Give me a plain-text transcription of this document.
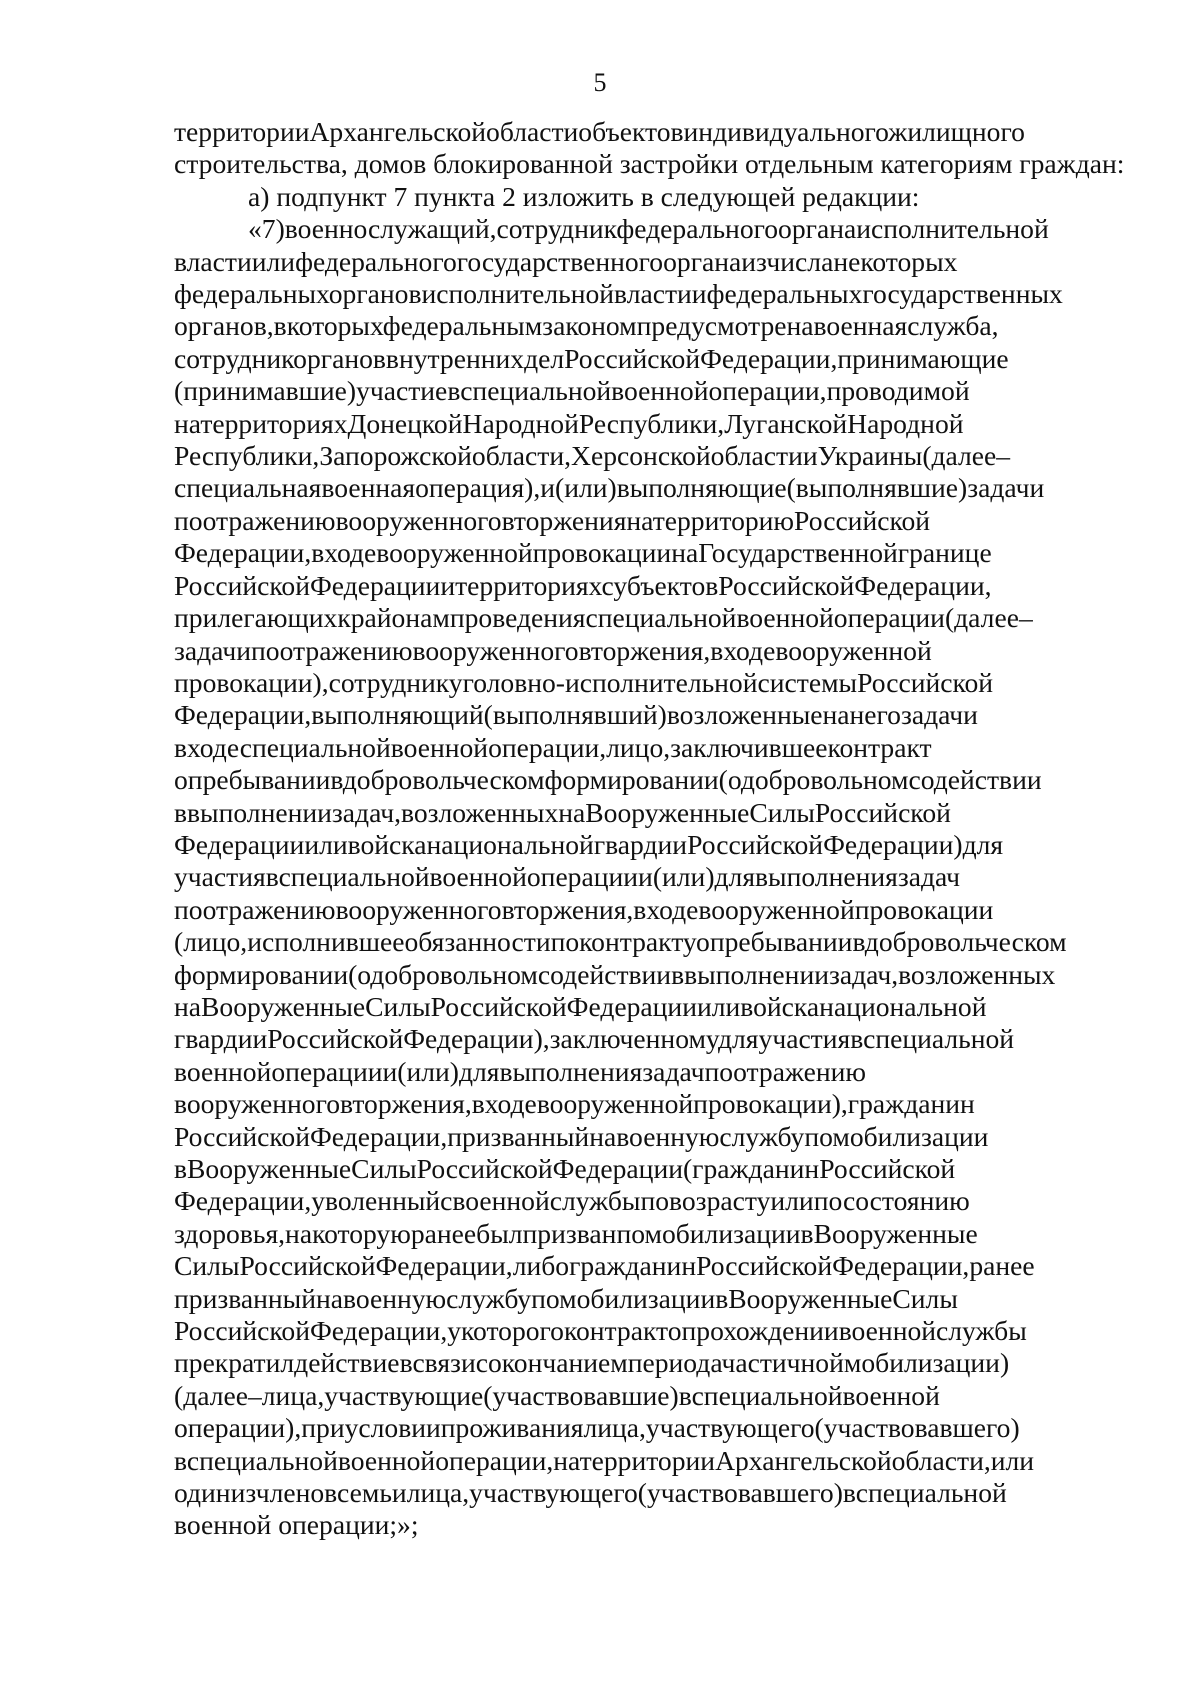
5
территорииАрхангельскойобластиобъектовиндивидуальногожилищного
строительства, домов блокированной застройки отдельным категориям граждан:
а) подпункт 7 пункта 2 изложить в следующей редакции:
«7)военнослужащий,сотрудникфедеральногоорганаисполнительной
властиилифедеральногогосударственногоорганаизчисланекоторых
федеральныхоргановисполнительнойвластиифедеральныхгосударственных
органов,вкоторыхфедеральнымзакономпредусмотренавоеннаяслужба,
сотрудникоргановвнутреннихделРоссийскойФедерации,принимающие
(принимавшие)участиевспециальнойвоеннойоперации,проводимой
натерриторияхДонецкойНароднойРеспублики,ЛуганскойНародной
Республики,Запорожскойобласти,ХерсонскойобластииУкраины(далее–
специальнаявоеннаяоперация),и(или)выполняющие(выполнявшие)задачи
поотражениювооруженноговторжениянатерриториюРоссийской
Федерации,входевооруженнойпровокациинаГосударственнойгранице
РоссийскойФедерацииитерриторияхсубъектовРоссийскойФедерации,
прилегающихкрайонампроведенияспециальнойвоеннойоперации(далее–
задачипоотражениювооруженноговторжения,входевооруженной
провокации),сотрудникуголовно-исполнительнойсистемыРоссийской
Федерации,выполняющий(выполнявший)возложенныенанегозадачи
входеспециальнойвоеннойоперации,лицо,заключившееконтракт
опребываниивдобровольческомформировании(одобровольномсодействии
ввыполнениизадач,возложенныхнаВооруженныеСилыРоссийской
ФедерациииливойсканациональнойгвардииРоссийскойФедерации)для
участиявспециальнойвоеннойоперациии(или)длявыполнениязадач
поотражениювооруженноговторжения,входевооруженнойпровокации
(лицо,исполнившееобязанностипоконтрактуопребываниивдобровольческом
формировании(одобровольномсодействииввыполнениизадач,возложенных
наВооруженныеСилыРоссийскойФедерациииливойсканациональной
гвардииРоссийскойФедерации),заключенномудляучастиявспециальной
военнойоперациии(или)длявыполнениязадачпоотражению
вооруженноговторжения,входевооруженнойпровокации),гражданин
РоссийскойФедерации,призванныйнавоеннуюслужбупомобилизации
вВооруженныеСилыРоссийскойФедерации(гражданинРоссийской
Федерации,уволенныйсвоеннойслужбыповозрастуилипосостоянию
здоровья,накоторуюранеебылпризванпомобилизациивВооруженные
СилыРоссийскойФедерации,либогражданинРоссийскойФедерации,ранее
призванныйнавоеннуюслужбупомобилизациивВооруженныеСилы
РоссийскойФедерации,укоторогоконтрактопрохождениивоеннойслужбы
прекратилдействиевсвязисокончаниемпериодачастичноймобилизации)
(далее–лица,участвующие(участвовавшие)вспециальнойвоенной
операции),приусловиипроживаниялица,участвующего(участвовавшего)
вспециальнойвоеннойоперации,натерриторииАрхангельскойобласти,или
одинизчленовсемьилица,участвующего(участвовавшего)вспециальной
военной операции;»;
